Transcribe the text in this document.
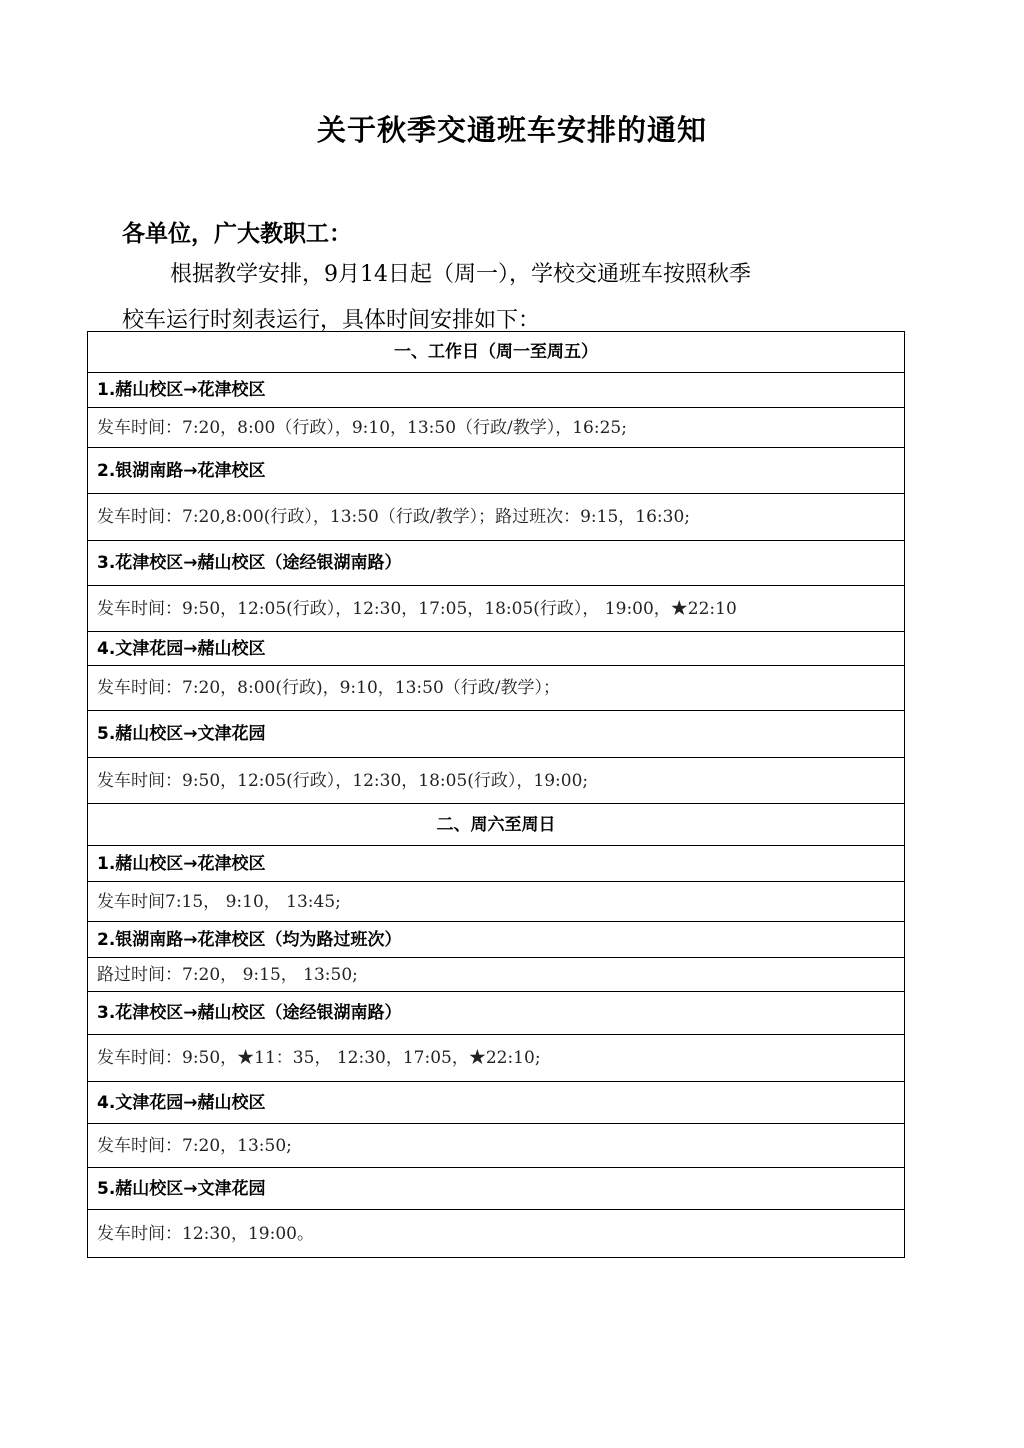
关于秋季交通班车安排的通知
各单位，广大教职工：
根据教学安排，9月14日起（周一），学校交通班车按照秋季
校车运行时刻表运行，具体时间安排如下：
一、工作日（周一至周五）
1.赭山校区→花津校区
发车时间：7:20，8:00（行政），9:10，13:50（行政/教学），16:25;
2.银湖南路→花津校区
发车时间：7:20,8:00(行政），13:50（行政/教学）；路过班次：9:15，16:30;
3.花津校区→赭山校区（途经银湖南路）
发车时间：9:50，12:05(行政），12:30，17:05，18:05(行政）， 19:00，★22:10
4.文津花园→赭山校区
发车时间：7:20，8:00(行政)，9:10，13:50（行政/教学）；
5.赭山校区→文津花园
发车时间：9:50，12:05(行政），12:30，18:05(行政），19:00;
二、周六至周日
1.赭山校区→花津校区
发车时间7:15， 9:10， 13:45;
2.银湖南路→花津校区（均为路过班次）
路过时间：7:20， 9:15， 13:50;
3.花津校区→赭山校区（途经银湖南路）
发车时间：9:50，★11：35， 12:30，17:05，★22:10;
4.文津花园→赭山校区
发车时间：7:20，13:50;
5.赭山校区→文津花园
发车时间：12:30，19:00。
